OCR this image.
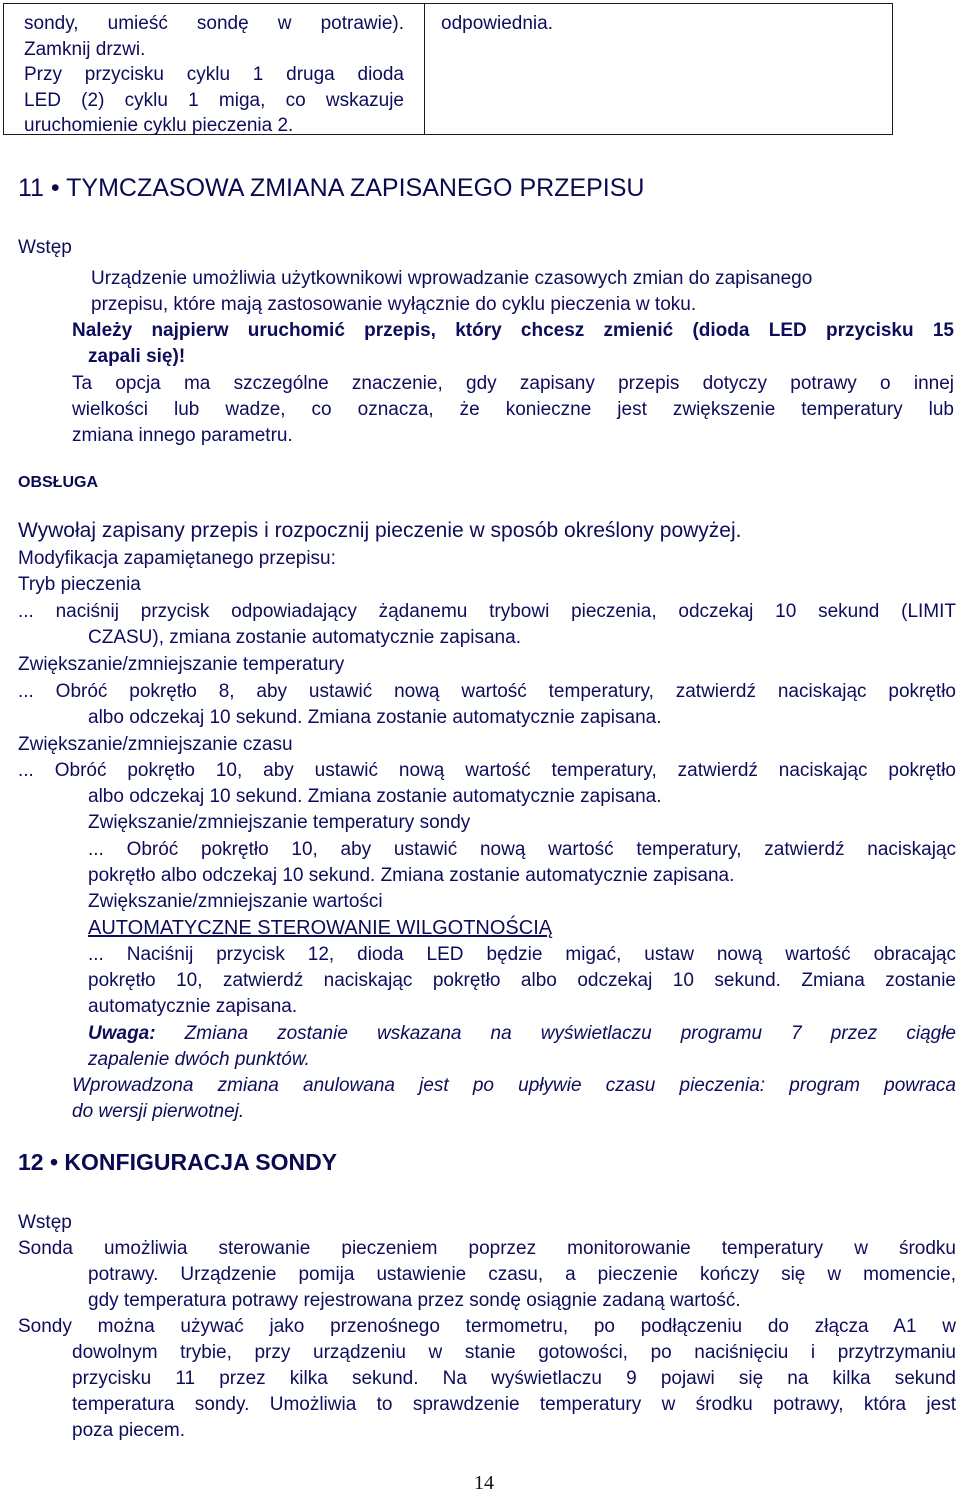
sondy, umieść sondę w potrawie).
Zamknij drzwi.
Przy przycisku cyklu 1 druga dioda
LED (2) cyklu 1 miga, co wskazuje
uruchomienie cyklu pieczenia 2.
odpowiednia.
11 • TYMCZASOWA ZMIANA ZAPISANEGO PRZEPISU
Wstęp
Urządzenie umożliwia użytkownikowi wprowadzanie czasowych zmian do zapisanego
przepisu, które mają zastosowanie wyłącznie do cyklu pieczenia w toku.
Należy najpierw uruchomić przepis, który chcesz zmienić (dioda LED przycisku 15
zapali się)!
Ta opcja ma szczególne znaczenie, gdy zapisany przepis dotyczy potrawy o innej
wielkości lub wadze, co oznacza, że konieczne jest zwiększenie temperatury lub
zmiana innego parametru.
OBSŁUGA
Wywołaj zapisany przepis i rozpocznij pieczenie w sposób określony powyżej.
Modyfikacja zapamiętanego przepisu:
Tryb pieczenia
... naciśnij przycisk odpowiadający żądanemu trybowi pieczenia, odczekaj 10 sekund (LIMIT
CZASU), zmiana zostanie automatycznie zapisana.
Zwiększanie/zmniejszanie temperatury
... Obróć pokrętło 8, aby ustawić nową wartość temperatury, zatwierdź naciskając pokrętło
albo odczekaj 10 sekund. Zmiana zostanie automatycznie zapisana.
Zwiększanie/zmniejszanie czasu
... Obróć pokrętło 10, aby ustawić nową wartość temperatury, zatwierdź naciskając pokrętło
albo odczekaj 10 sekund. Zmiana zostanie automatycznie zapisana.
Zwiększanie/zmniejszanie temperatury sondy
... Obróć pokrętło 10, aby ustawić nową wartość temperatury, zatwierdź naciskając
pokrętło albo odczekaj 10 sekund. Zmiana zostanie automatycznie zapisana.
Zwiększanie/zmniejszanie wartości
AUTOMATYCZNE STEROWANIE WILGOTNOŚCIĄ
... Naciśnij przycisk 12, dioda LED będzie migać, ustaw nową wartość obracając
pokrętło 10, zatwierdź naciskając pokrętło albo odczekaj 10 sekund. Zmiana zostanie
automatycznie zapisana.
Uwaga: Zmiana zostanie wskazana na wyświetlaczu programu 7 przez ciągłe
zapalenie dwóch punktów.
Wprowadzona zmiana anulowana jest po upływie czasu pieczenia: program powraca
do wersji pierwotnej.
12 • KONFIGURACJA SONDY
Wstęp
Sonda umożliwia sterowanie pieczeniem poprzez monitorowanie temperatury w środku
potrawy. Urządzenie pomija ustawienie czasu, a pieczenie kończy się w momencie,
gdy temperatura potrawy rejestrowana przez sondę osiągnie zadaną wartość.
Sondy można używać jako przenośnego termometru, po podłączeniu do złącza A1 w
dowolnym trybie, przy urządzeniu w stanie gotowości, po naciśnięciu i przytrzymaniu
przycisku 11 przez kilka sekund. Na wyświetlaczu 9 pojawi się na kilka sekund
temperatura sondy. Umożliwia to sprawdzenie temperatury w środku potrawy, która jest
poza piecem.
14
